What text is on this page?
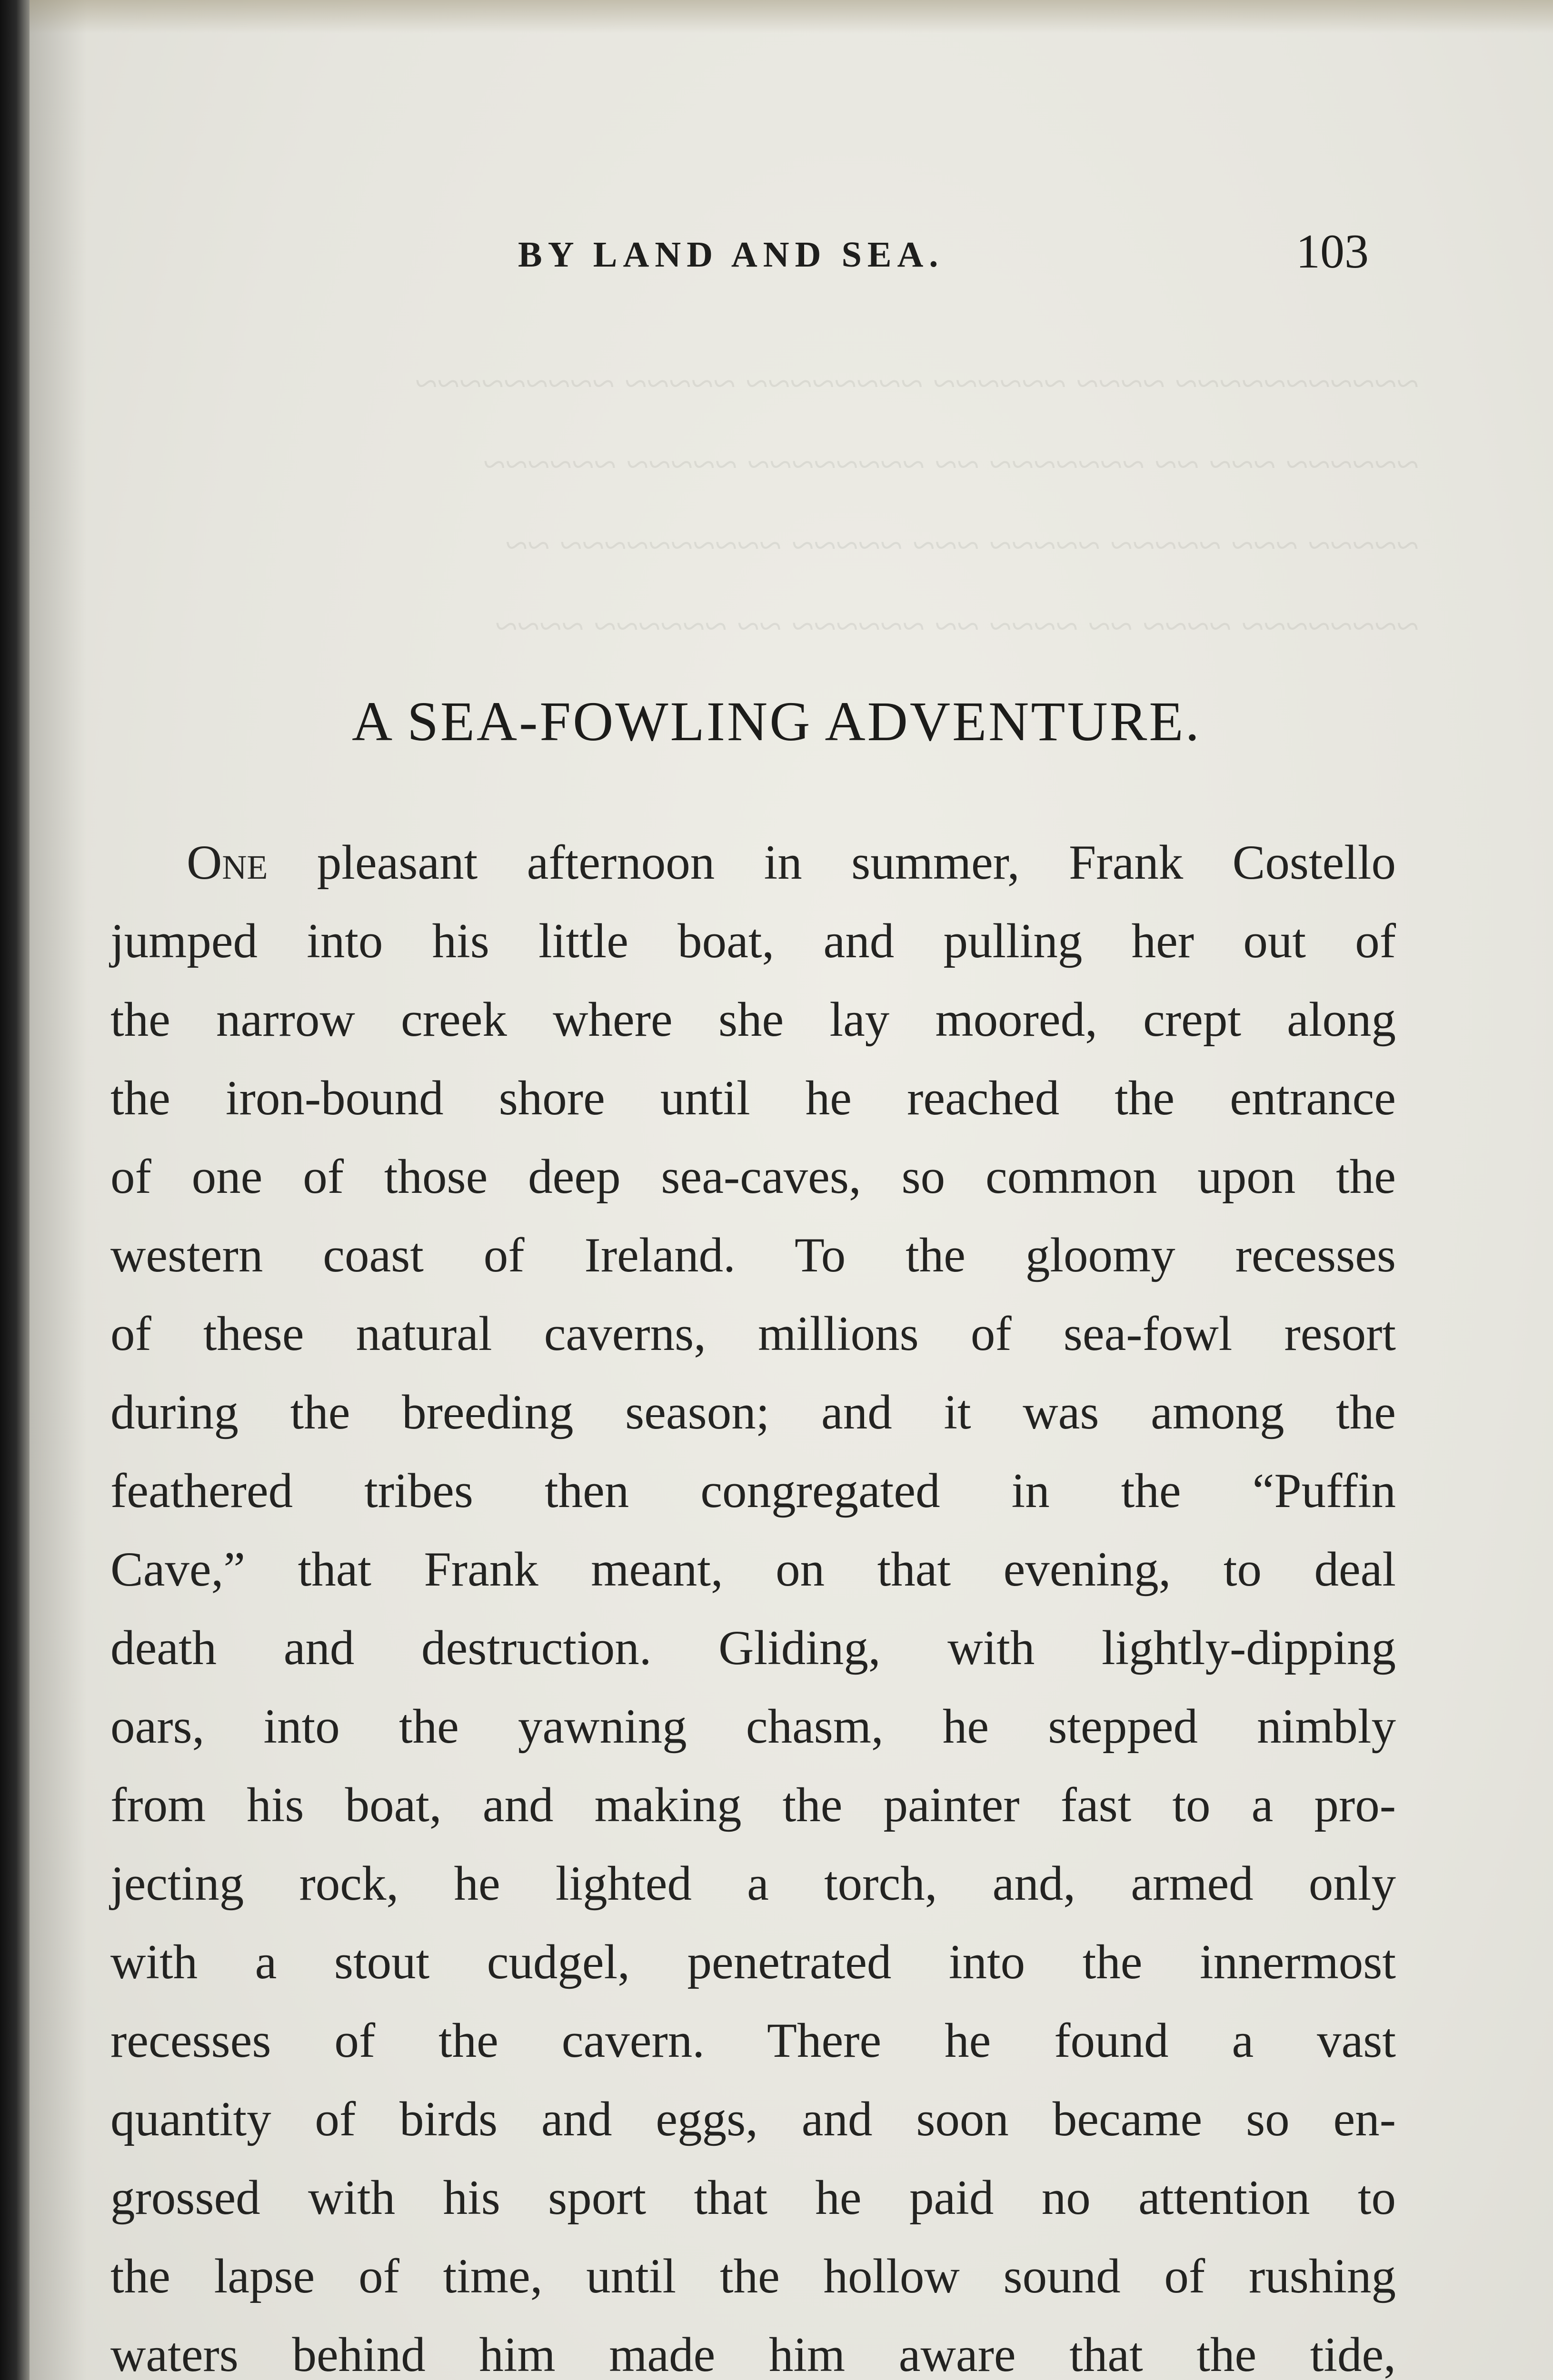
~~~~~~~~~~~ ~~~~ ~~~~~~ ~~~~~~~~ ~~~~~ ~~~~~~~~~
~~~~~~ ~~~ ~~ ~~~~~~~ ~~ ~~~~~~~~ ~~~~~ ~~~~~~
~~~~~ ~~~ ~~~~~ ~~~~~ ~~~ ~~~~~ ~~~~~~~~~~ ~~
~~~~~~~~ ~~~~ ~~ ~~~~ ~~ ~~~~~~ ~~ ~~~~~~ ~~~~
BY LAND AND SEA.	103
A SEA-FOWLING ADVENTURE.
One pleasant afternoon in summer, Frank Costello
jumped into his little boat, and pulling her out of
the narrow creek where she lay moored, crept along
the iron-bound shore until he reached the entrance
of one of those deep sea-caves, so common upon the
western coast of Ireland. To the gloomy recesses
of these natural caverns, millions of sea-fowl resort
during the breeding season; and it was among the
feathered tribes then congregated in the “Puffin
Cave,” that Frank meant, on that evening, to deal
death and destruction. Gliding, with lightly-dipping
oars, into the yawning chasm, he stepped nimbly
from his boat, and making the painter fast to a pro-
jecting rock, he lighted a torch, and, armed only
with a stout cudgel, penetrated into the innermost
recesses of the cavern. There he found a vast
quantity of birds and eggs, and soon became so en-
grossed with his sport that he paid no attention to
the lapse of time, until the hollow sound of rushing
waters behind him made him aware that the tide,
